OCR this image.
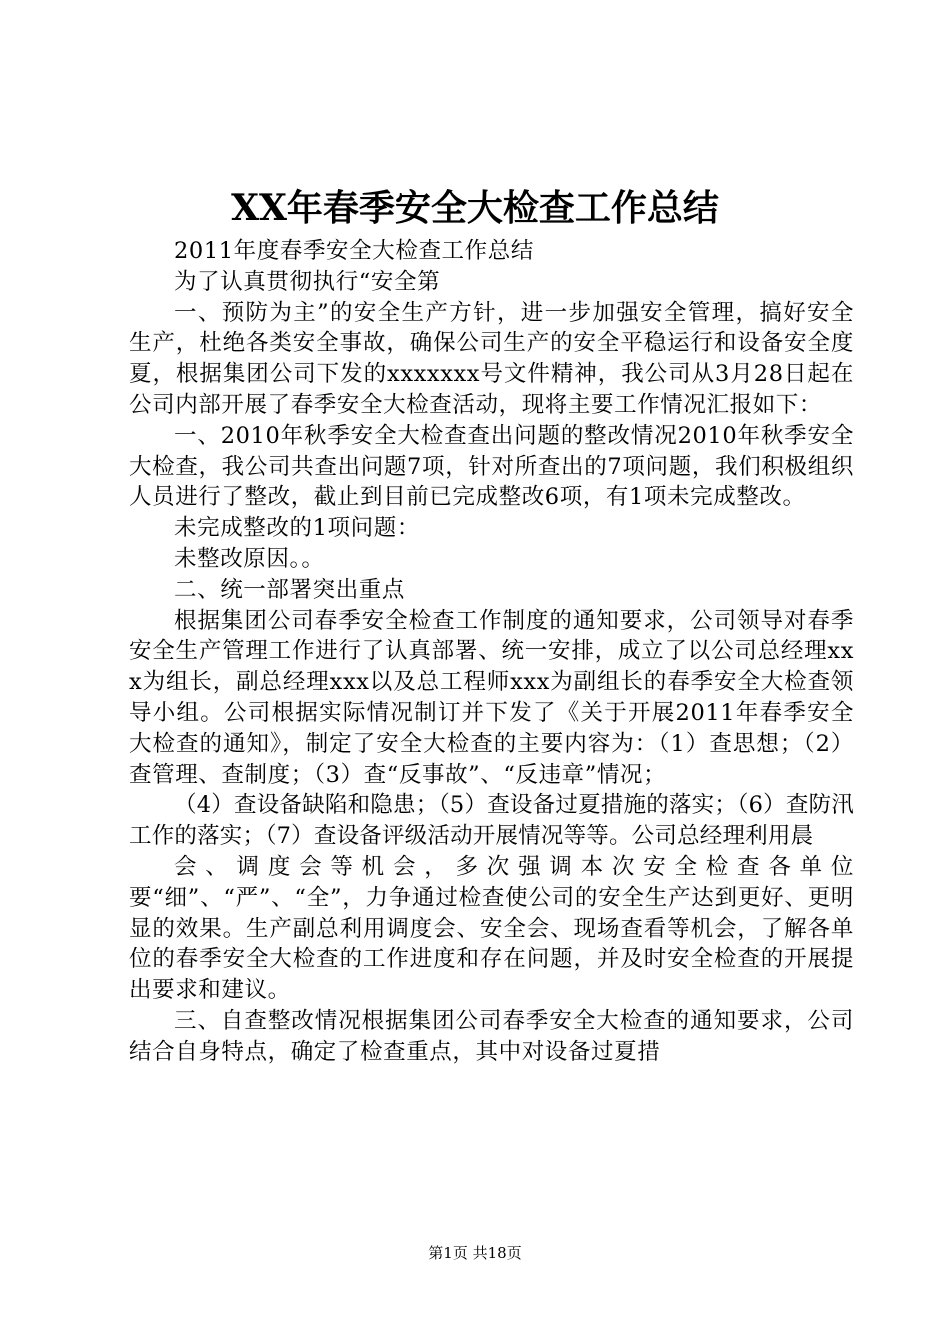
XX年春季安全大检查工作总结

2011年度春季安全大检查工作总结

为了认真贯彻执行“安全第

一、预防为主”的安全生产方针，进一步加强安全管理，搞好安全生产，杜绝各类安全事故，确保公司生产的安全平稳运行和设备安全度夏，根据集团公司下发的xxxxxxx号文件精神，我公司从3月28日起在公司内部开展了春季安全大检查活动，现将主要工作情况汇报如下：

一、2010年秋季安全大检查查出问题的整改情况2010年秋季安全大检查，我公司共查出问题7项，针对所查出的7项问题，我们积极组织人员进行了整改，截止到目前已完成整改6项，有1项未完成整改。

未完成整改的1项问题：

未整改原因。。

二、统一部署突出重点

根据集团公司春季安全检查工作制度的通知要求，公司领导对春季安全生产管理工作进行了认真部署、统一安排，成立了以公司总经理xxx为组长，副总经理xxx以及总工程师xxx为副组长的春季安全大检查领导小组。公司根据实际情况制订并下发了《关于开展2011年春季安全大检查的通知》，制定了安全大检查的主要内容为：（1）查思想；（2）查管理、查制度；（3）查“反事故”、“反违章”情况；

（4）查设备缺陷和隐患；（5）查设备过夏措施的落实；（6）查防汛工作的落实；（7）查设备评级活动开展情况等等。公司总经理利用晨

会、调度会等机会，多次强调本次安全检查各单位要“细”、“严”、“全”，力争通过检查使公司的安全生产达到更好、更明显的效果。生产副总利用调度会、安全会、现场查看等机会，了解各单位的春季安全大检查的工作进度和存在问题，并及时安全检查的开展提出要求和建议。

三、自查整改情况根据集团公司春季安全大检查的通知要求，公司结合自身特点，确定了检查重点，其中对设备过夏措

第1页 共18页
